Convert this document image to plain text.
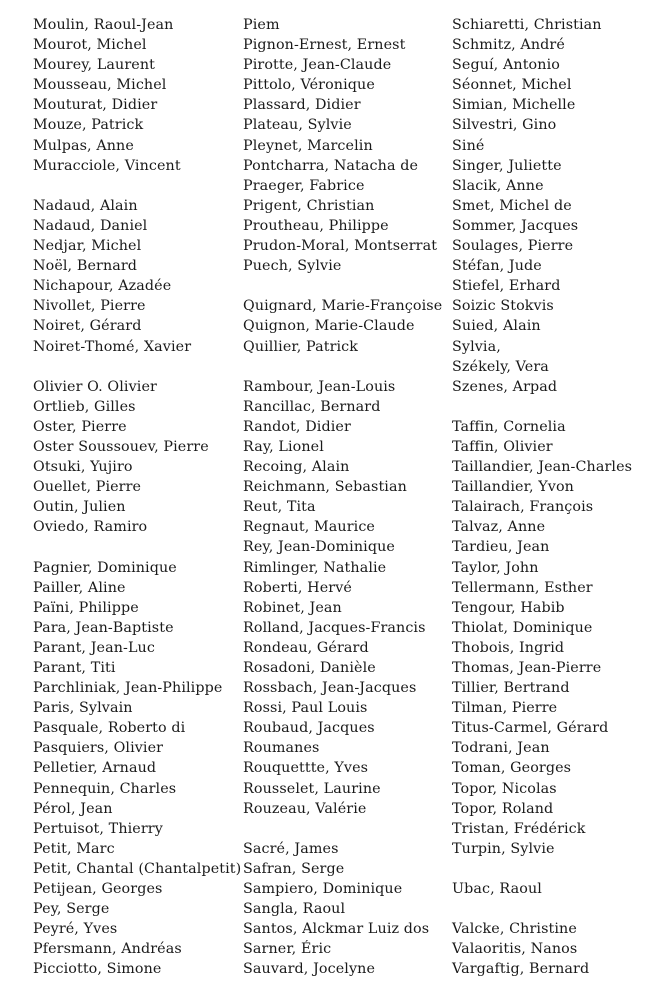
Moulin, Raoul-Jean
Mourot, Michel
Mourey, Laurent
Mousseau, Michel
Mouturat, Didier
Mouze, Patrick
Mulpas, Anne
Muracciole, Vincent
Nadaud, Alain
Nadaud, Daniel
Nedjar, Michel
Noël, Bernard
Nichapour, Azadée
Nivollet, Pierre
Noiret, Gérard
Noiret-Thomé, Xavier
Olivier O. Olivier
Ortlieb, Gilles
Oster, Pierre
Oster Soussouev, Pierre
Otsuki, Yujiro
Ouellet, Pierre
Outin, Julien
Oviedo, Ramiro
Pagnier, Dominique
Pailler, Aline
Païni, Philippe
Para, Jean-Baptiste
Parant, Jean-Luc
Parant, Titi
Parchliniak, Jean-Philippe
Paris, Sylvain
Pasquale, Roberto di
Pasquiers, Olivier
Pelletier, Arnaud
Pennequin, Charles
Pérol, Jean
Pertuisot, Thierry
Petit, Marc
Petit, Chantal (Chantalpetit)
Petijean, Georges
Pey, Serge
Peyré, Yves
Pfersmann, Andréas
Picciotto, Simone
Piem
Pignon-Ernest, Ernest
Pirotte, Jean-Claude
Pittolo, Véronique
Plassard, Didier
Plateau, Sylvie
Pleynet, Marcelin
Pontcharra, Natacha de
Praeger, Fabrice
Prigent, Christian
Proutheau, Philippe
Prudon-Moral, Montserrat
Puech, Sylvie
Quignard, Marie-Françoise
Quignon, Marie-Claude
Quillier, Patrick
Rambour, Jean-Louis
Rancillac, Bernard
Randot, Didier
Ray, Lionel
Recoing, Alain
Reichmann, Sebastian
Reut, Tita
Regnaut, Maurice
Rey, Jean-Dominique
Rimlinger, Nathalie
Roberti, Hervé
Robinet, Jean
Rolland, Jacques-Francis
Rondeau, Gérard
Rosadoni, Danièle
Rossbach, Jean-Jacques
Rossi, Paul Louis
Roubaud, Jacques
Roumanes
Rouquettte, Yves
Rousselet, Laurine
Rouzeau, Valérie
Sacré, James
Safran, Serge
Sampiero, Dominique
Sangla, Raoul
Santos, Alckmar Luiz dos
Sarner, Éric
Sauvard, Jocelyne
Schiaretti, Christian
Schmitz, André
Seguí, Antonio
Séonnet, Michel
Simian, Michelle
Silvestri, Gino
Siné
Singer, Juliette
Slacik, Anne
Smet, Michel de
Sommer, Jacques
Soulages, Pierre
Stéfan, Jude
Stiefel, Erhard
Soizic Stokvis
Suied, Alain
Sylvia,
Székely, Vera
Szenes, Arpad
Taffin, Cornelia
Taffin, Olivier
Taillandier, Jean-Charles
Taillandier, Yvon
Talairach, François
Talvaz, Anne
Tardieu, Jean
Taylor, John
Tellermann, Esther
Tengour, Habib
Thiolat, Dominique
Thobois, Ingrid
Thomas, Jean-Pierre
Tillier, Bertrand
Tilman, Pierre
Titus-Carmel, Gérard
Todrani, Jean
Toman, Georges
Topor, Nicolas
Topor, Roland
Tristan, Frédérick
Turpin, Sylvie
Ubac, Raoul
Valcke, Christine
Valaoritis, Nanos
Vargaftig, Bernard
